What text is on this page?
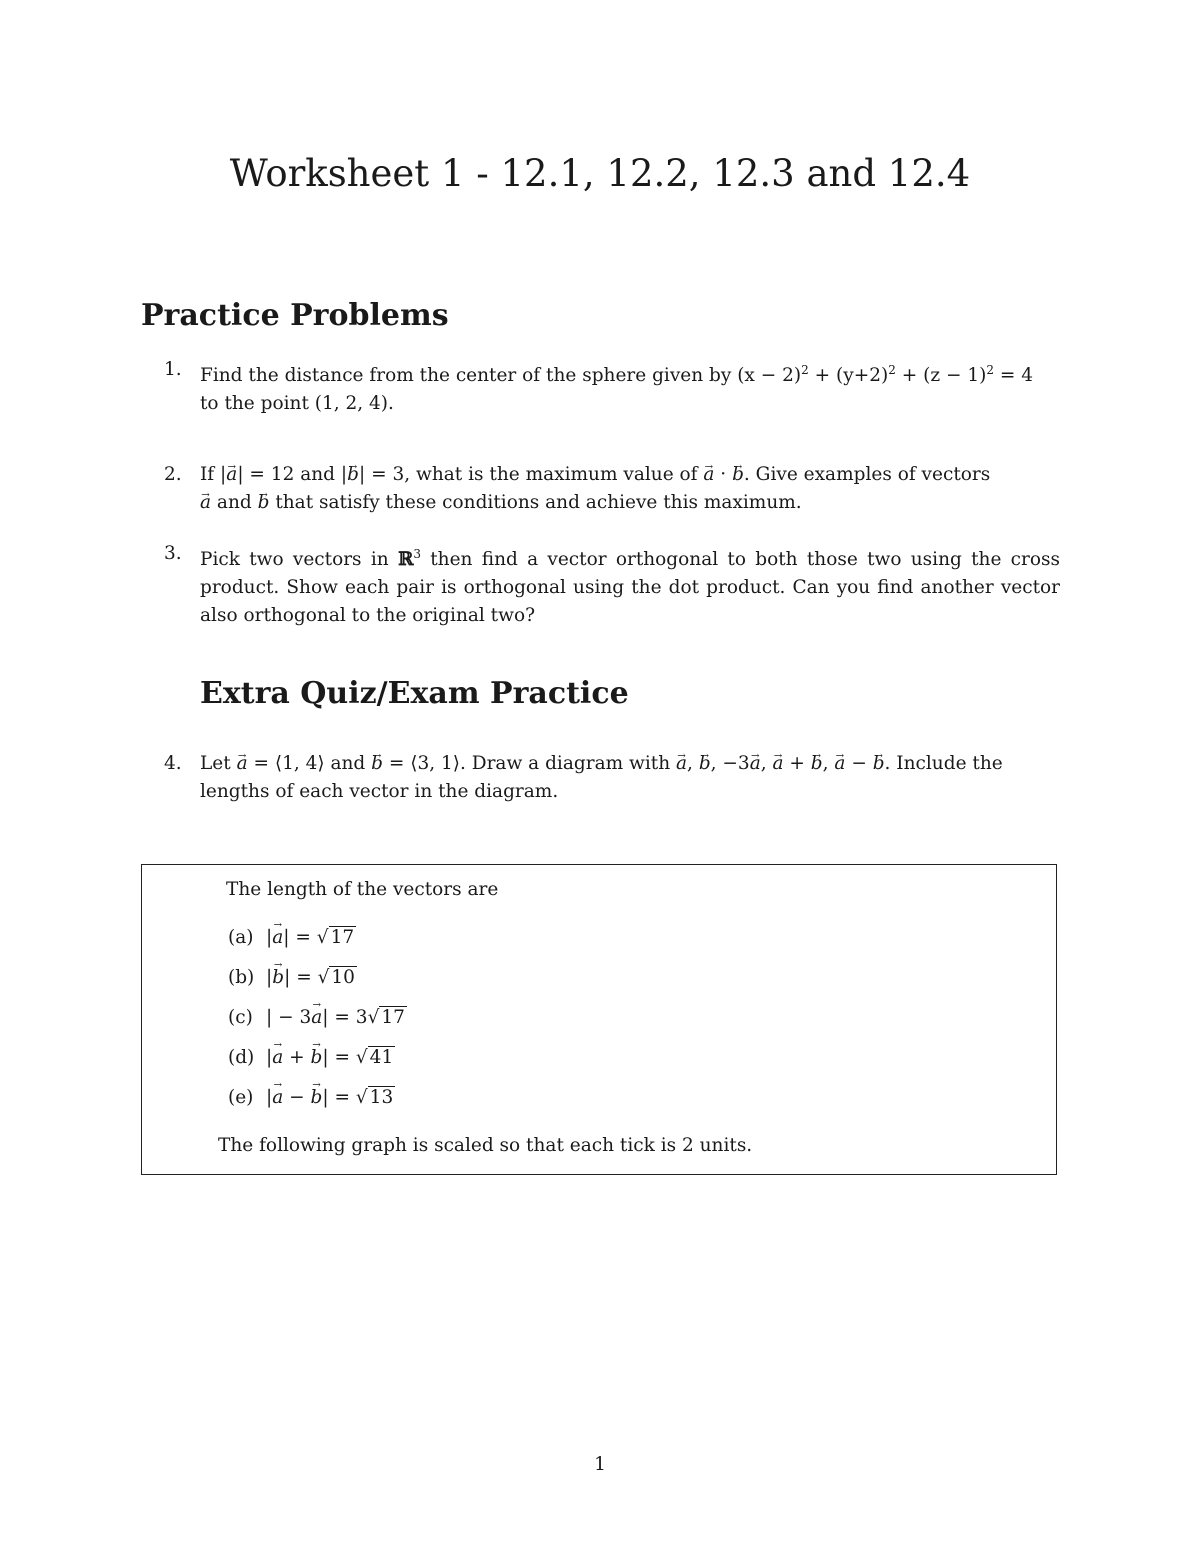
Worksheet 1 - 12.1, 12.2, 12.3 and 12.4
Practice Problems
1. Find the distance from the center of the sphere given by $(x - 2)^2 + (y+2)^2 + (z - 1)^2 = 4$
to the point (1, 2, 4).
2. If |→ a| = 12 and |→ b| = 3, what is the maximum value of → a · → b. Give examples of vectors
→ a and → b that satisfy these conditions and achieve this maximum.
3. Pick two vectors in ℝ$^3$ then find a vector orthogonal to both those two using the cross product. Show each pair is orthogonal using the dot product. Can you find another vector also orthogonal to the original two?
Extra Quiz/Exam Practice
4. Let → a = ⟨1, 4⟩ and → b = ⟨3, 1⟩. Draw a diagram with → a, → b, −3→ a, → a + → b, → a − → b. Include the
lengths of each vector in the diagram.
The length of the vectors are
(a) |→ a| = √ 17
(b) |→ b| = √ 10
(c) | − 3→ a| = 3√ 17
(d) |→ a + → b| = √ 41
(e) |→ a − → b| = √ 13
The following graph is scaled so that each tick is 2 units.
1
